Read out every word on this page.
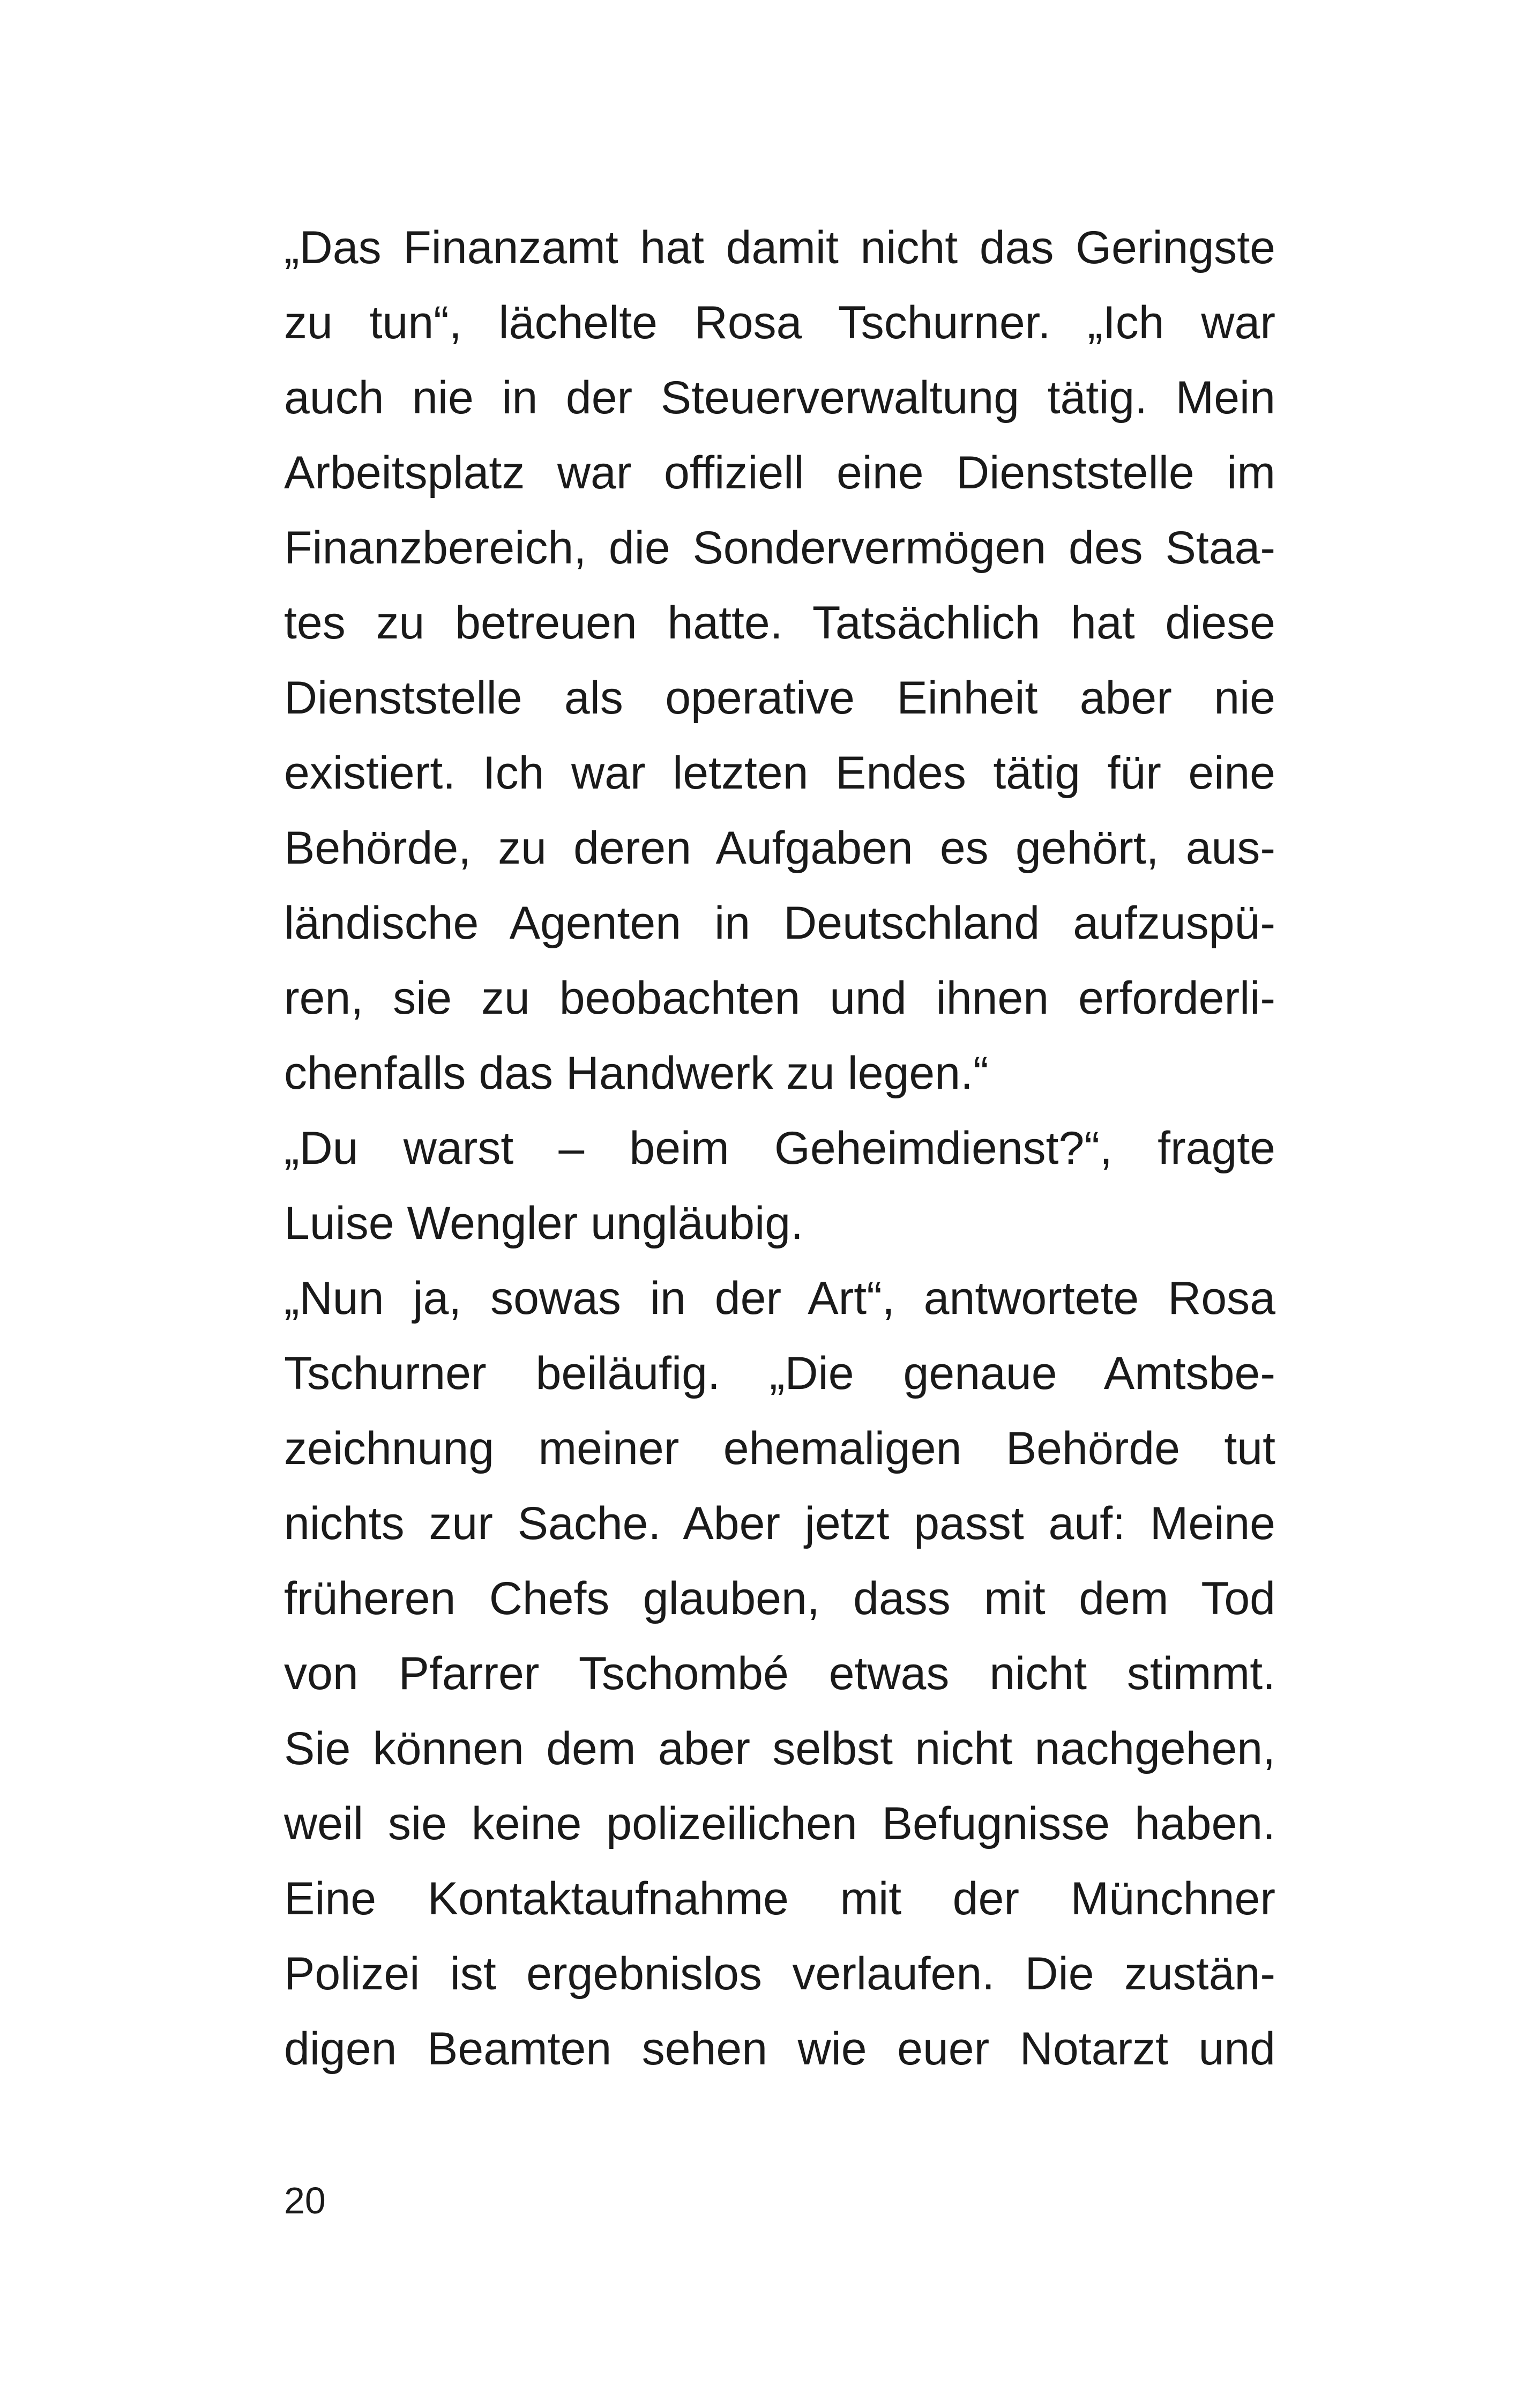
„Das Finanzamt hat damit nicht das Geringste
zu tun“, lächelte Rosa Tschurner. „Ich war
auch nie in der Steuerverwaltung tätig. Mein
Arbeitsplatz war offiziell eine Dienststelle im
Finanzbereich, die Sondervermögen des Staa-
tes zu betreuen hatte. Tatsächlich hat diese
Dienststelle als operative Einheit aber nie
existiert. Ich war letzten Endes tätig für eine
Behörde, zu deren Aufgaben es gehört, aus-
ländische Agenten in Deutschland aufzuspü-
ren, sie zu beobachten und ihnen erforderli-
chenfalls das Handwerk zu legen.“
„Du warst – beim Geheimdienst?“, fragte
Luise Wengler ungläubig.
„Nun ja, sowas in der Art“, antwortete Rosa
Tschurner beiläufig. „Die genaue Amtsbe-
zeichnung meiner ehemaligen Behörde tut
nichts zur Sache. Aber jetzt passt auf: Meine
früheren Chefs glauben, dass mit dem Tod
von Pfarrer Tschombé etwas nicht stimmt.
Sie können dem aber selbst nicht nachgehen,
weil sie keine polizeilichen Befugnisse haben.
Eine Kontaktaufnahme mit der Münchner
Polizei ist ergebnislos verlaufen. Die zustän-
digen Beamten sehen wie euer Notarzt und
20
